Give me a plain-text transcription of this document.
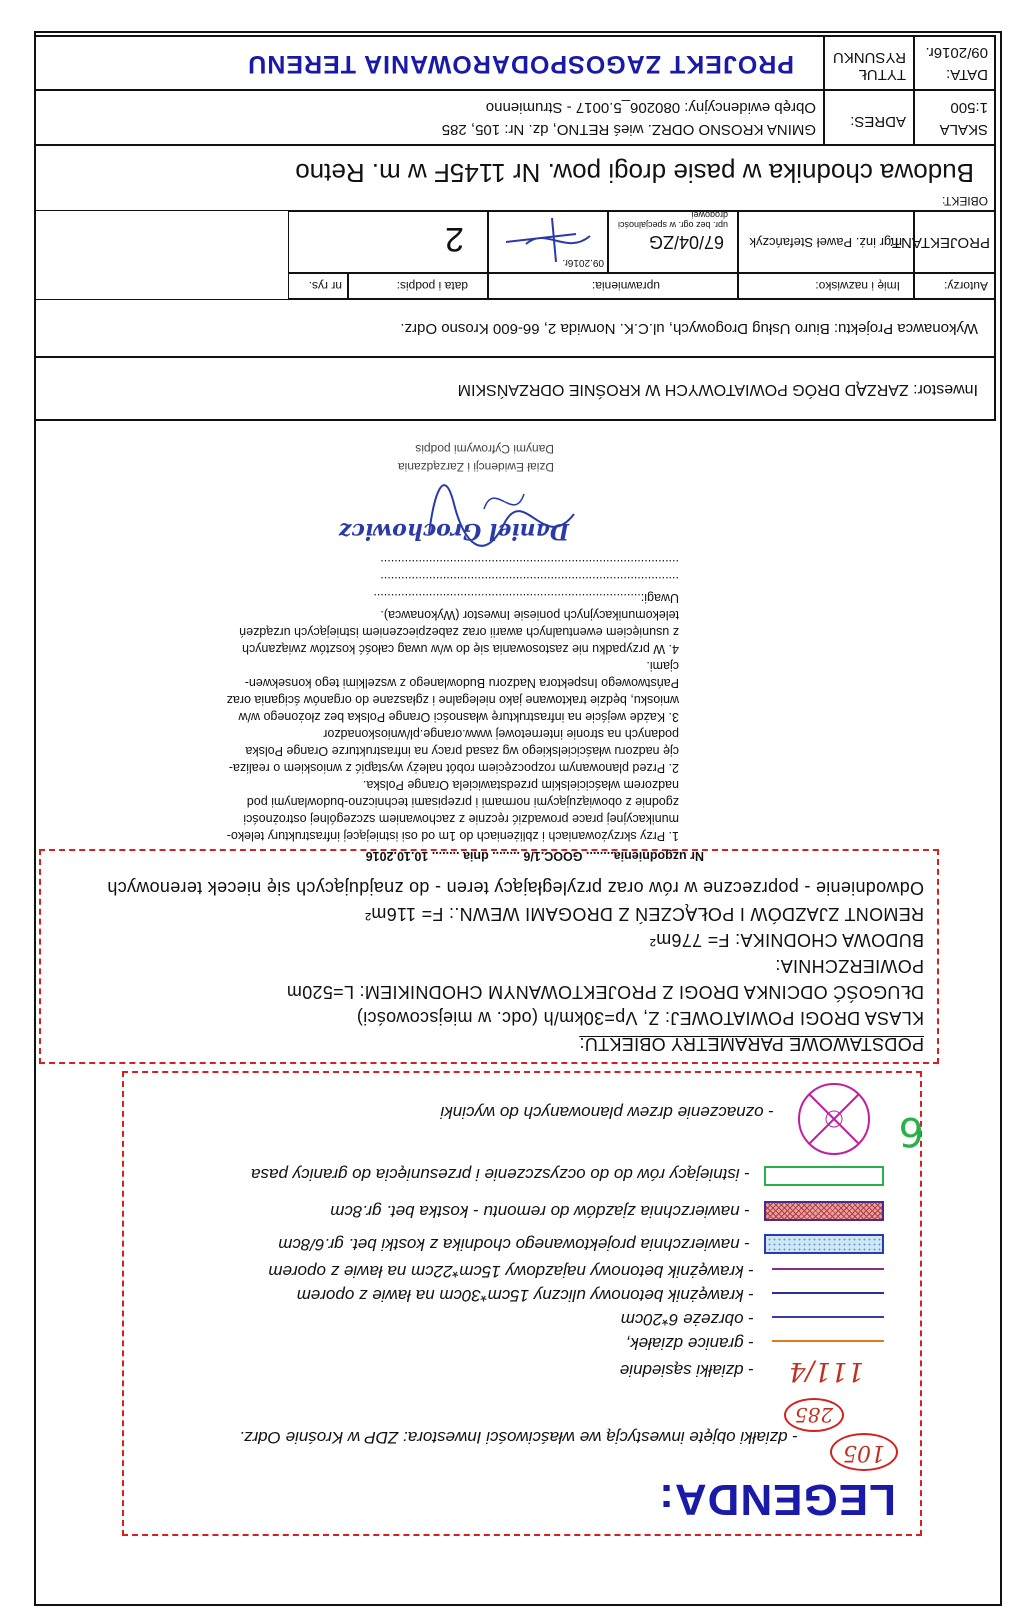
LEGENDA:
105
285
- działki objęte inwestycją we właściwości Inwestora: ZDP w Krośnie Odrz.
111/4
- działki sąsiednie
- granice działek,
- obrzeże 6*20cm
- krawężnik betonowy uliczny 15cm*30cm na ławie z oporem
- krawężnik betonowy najazdowy 15cm*22cm na ławie z oporem
- nawierzchnia projektowanego chodnika z kostki bet. gr.6/8cm
- nawierzchnia zjazdów do remontu - kostka bet. gr.8cm
- istniejący rów do do oczyszczenie i przesunięcia do granicy pasa
6
- oznaczenie drzew planowanych do wycinki
PODSTAWOWE PARAMETRY OBIEKTU:
KLASA DROGI POWIATOWEJ: Z, Vp=30km/h (odc. w miejscowości)
DŁUGOŚĆ ODCINKA DROGI Z PROJEKTOWANYM CHODNIKIEM: L=520m
POWIERZCHNIA:
BUDOWA CHODNIKA: F= 776m²
REMONT ZJAZDÓW I POŁĄCZEŃ Z DROGAMI WEWN.: F= 116m²
Odwodnienie - poprzeczne w rów oraz przyległający teren - do znajdujących się niecek terenowych
Nr uzgodnienia........ GOOC.1/6 ........ dnia ........ 10.10.2016
1. Przy skrzyżowaniach i zbliżeniach do 1m od osi istniejącej infrastruktury teleko-
munikacyjnej prace prowadzić ręcznie z zachowaniem szczególnej ostrożności
zgodnie z obowiązującymi normami i przepisami techniczno-budowlanymi pod
nadzorem właścicielskim przedstawiciela Orange Polska.
2. Przed planowanym rozpoczęciem robót należy wystąpić z wnioskiem o realiza-
cję nadzoru właścicielskiego wg zasad pracy na infrastrukturze Orange Polska
podanych na stronie internetowej www.orange.pl/wnioskonadzor
3. Każde wejście na infrastrukturę własności Orange Polska bez złożonego w/w
wniosku, będzie traktowane jako nielegalne i zgłaszane do organów ścigania oraz
Państwowego Inspektora Nadzoru Budowlanego z wszelkimi tego konsekwen-
cjami.
4. W przypadku nie zastosowania się do w/w uwag całość kosztów związanych
z usunięciem ewentualnych awarii oraz zabezpieczeniem istniejących urządzeń
telekomunikacyjnych poniesie Inwestor (Wykonawca).
Uwagi:.............................................................................
......................................................................................
......................................................................................
Daniel Grochowicz
Dział Ewidencji i Zarządzania
Danymi Cyfrowymi podpis
Inwestor: ZARZĄD DRÓG POWIATOWYCH W KROŚNIE ODRZAŃSKIM
Wykonawca Projektu: Biuro Usług Drogowych, ul.C.K. Norwida 2, 66-600 Krosno Odrz.
Autorzy:
Imię i nazwisko:
uprawnienia:
data i podpis:
nr rys.
PROJEKTANT:
mgr inż. Paweł Stefańczyk
67/04/ZG
upr. bez ogr. w specjalności drogowej
09.2016r.
2
OBIEKT:
Budowa chodnika w pasie drogi pow. Nr 1145F w m. Retno
SKALA
1:500
ADRES:
GMINA KROSNO ODRZ. wieś RETNO, dz. Nr: 105, 285
Obręb ewidencyjny: 080206_5.0017 - Strumienno
DATA:
09/2016r.
TYTUŁ RYSUNKU
PROJEKT ZAGOSPODAROWANIA TERENU
